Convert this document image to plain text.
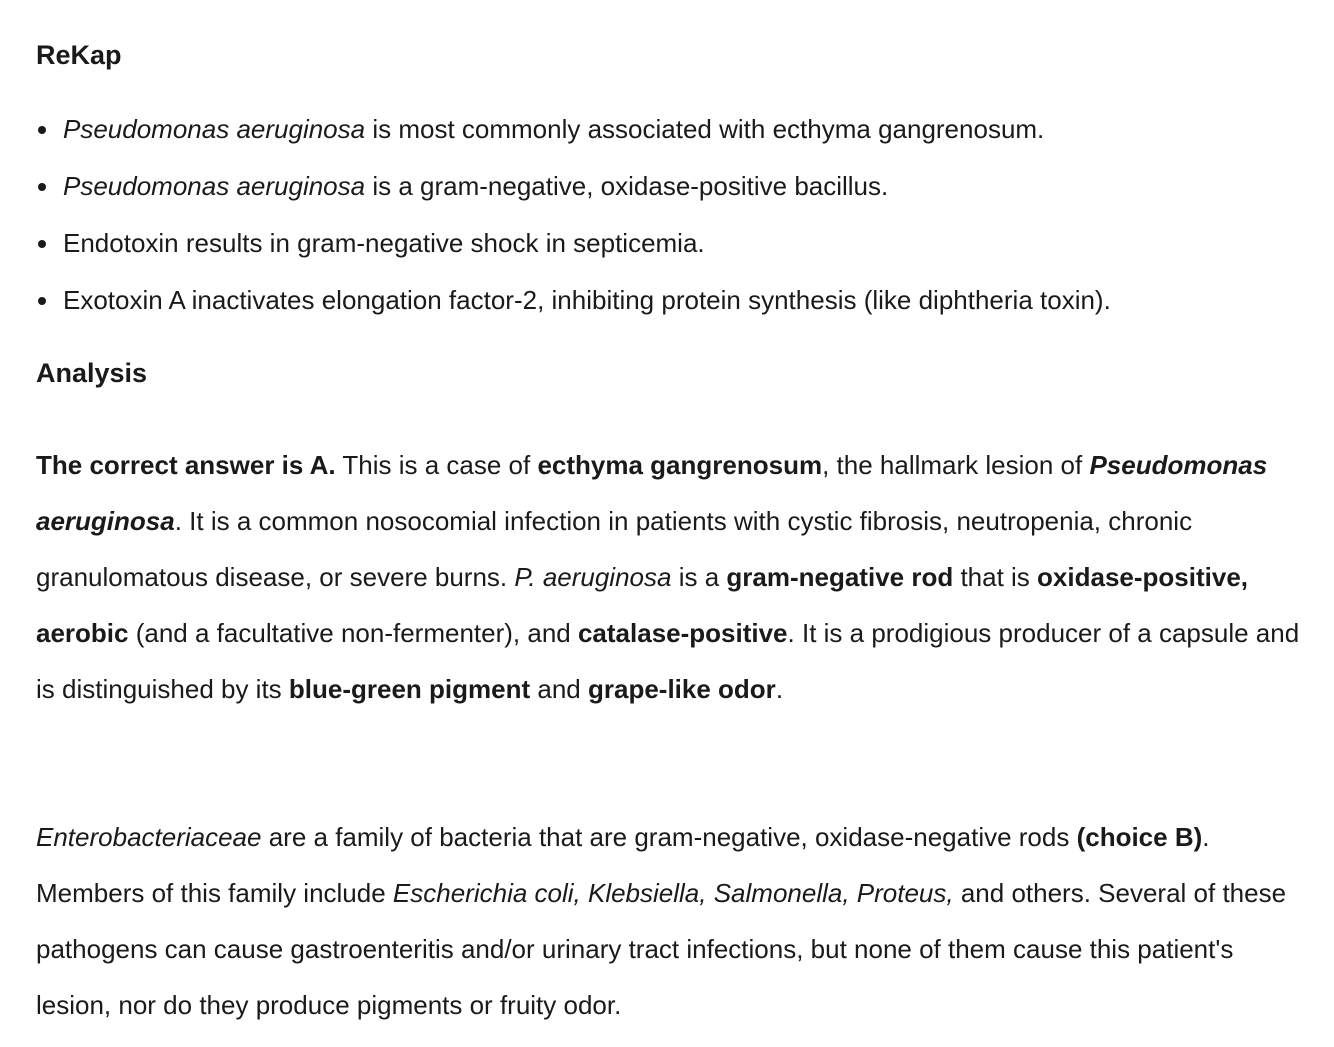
ReKap
Pseudomonas aeruginosa is most commonly associated with ecthyma gangrenosum.
Pseudomonas aeruginosa is a gram-negative, oxidase-positive bacillus.
Endotoxin results in gram-negative shock in septicemia.
Exotoxin A inactivates elongation factor-2, inhibiting protein synthesis (like diphtheria toxin).
Analysis

The correct answer is A. This is a case of ecthyma gangrenosum, the hallmark lesion of Pseudomonas aeruginosa. It is a common nosocomial infection in patients with cystic fibrosis, neutropenia, chronic granulomatous disease, or severe burns. P. aeruginosa is a gram-negative rod that is oxidase-positive, aerobic (and a facultative non-fermenter), and catalase-positive. It is a prodigious producer of a capsule and is distinguished by its blue-green pigment and grape-like odor.

Enterobacteriaceae are a family of bacteria that are gram-negative, oxidase-negative rods (choice B). Members of this family include Escherichia coli, Klebsiella, Salmonella, Proteus, and others. Several of these pathogens can cause gastroenteritis and/or urinary tract infections, but none of them cause this patient's lesion, nor do they produce pigments or fruity odor.
